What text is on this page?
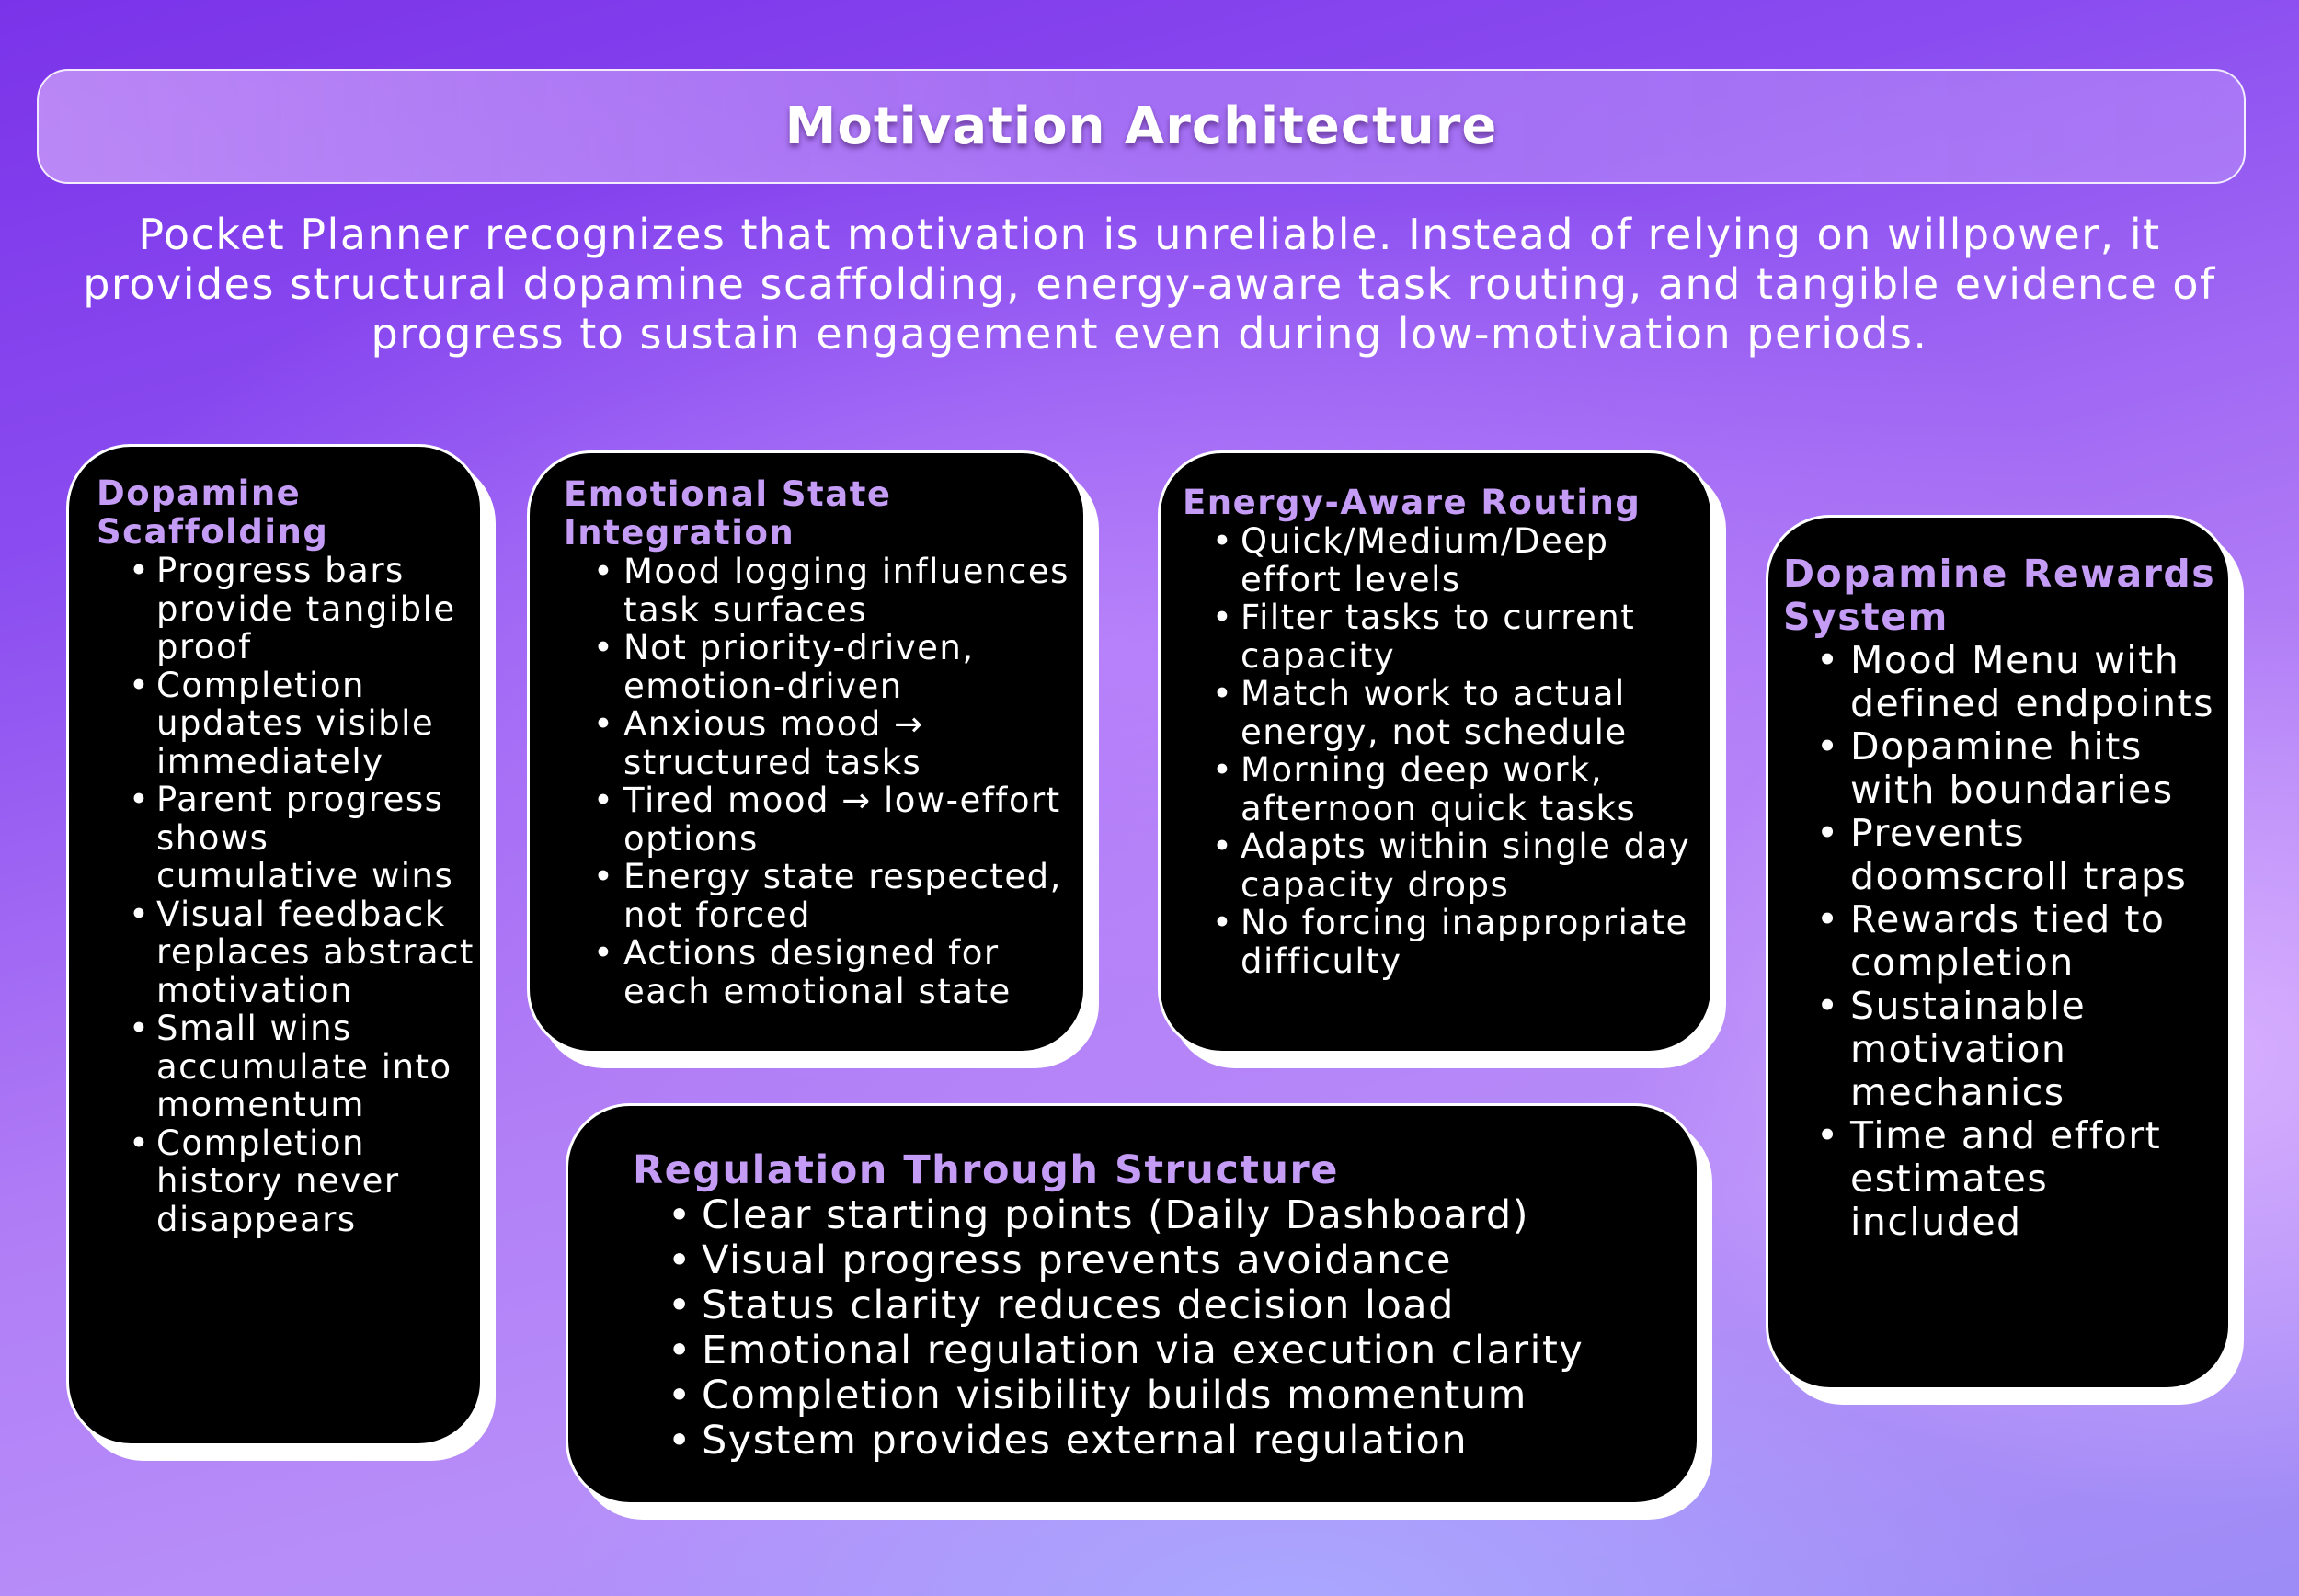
Motivation Architecture

Pocket Planner recognizes that motivation is unreliable. Instead of relying on willpower, it provides structural dopamine scaffolding, energy-aware task routing, and tangible evidence of progress to sustain engagement even during low-motivation periods.

Dopamine Scaffolding
• Progress bars provide tangible proof
• Completion updates visible immediately
• Parent progress shows cumulative wins
• Visual feedback replaces abstract motivation
• Small wins accumulate into momentum
• Completion history never disappears
Emotional State Integration
• Mood logging influences task surfaces
• Not priority-driven, emotion-driven
• Anxious mood → structured tasks
• Tired mood → low-effort options
• Energy state respected, not forced
• Actions designed for each emotional state
Energy-Aware Routing
• Quick/Medium/Deep effort levels
• Filter tasks to current capacity
• Match work to actual energy, not schedule
• Morning deep work, afternoon quick tasks
• Adapts within single day capacity drops
• No forcing inappropriate difficulty
Dopamine Rewards System
• Mood Menu with defined endpoints
• Dopamine hits with boundaries
• Prevents doomscroll traps
• Rewards tied to completion
• Sustainable motivation mechanics
• Time and effort estimates included
Regulation Through Structure
• Clear starting points (Daily Dashboard)
• Visual progress prevents avoidance
• Status clarity reduces decision load
• Emotional regulation via execution clarity
• Completion visibility builds momentum
• System provides external regulation
